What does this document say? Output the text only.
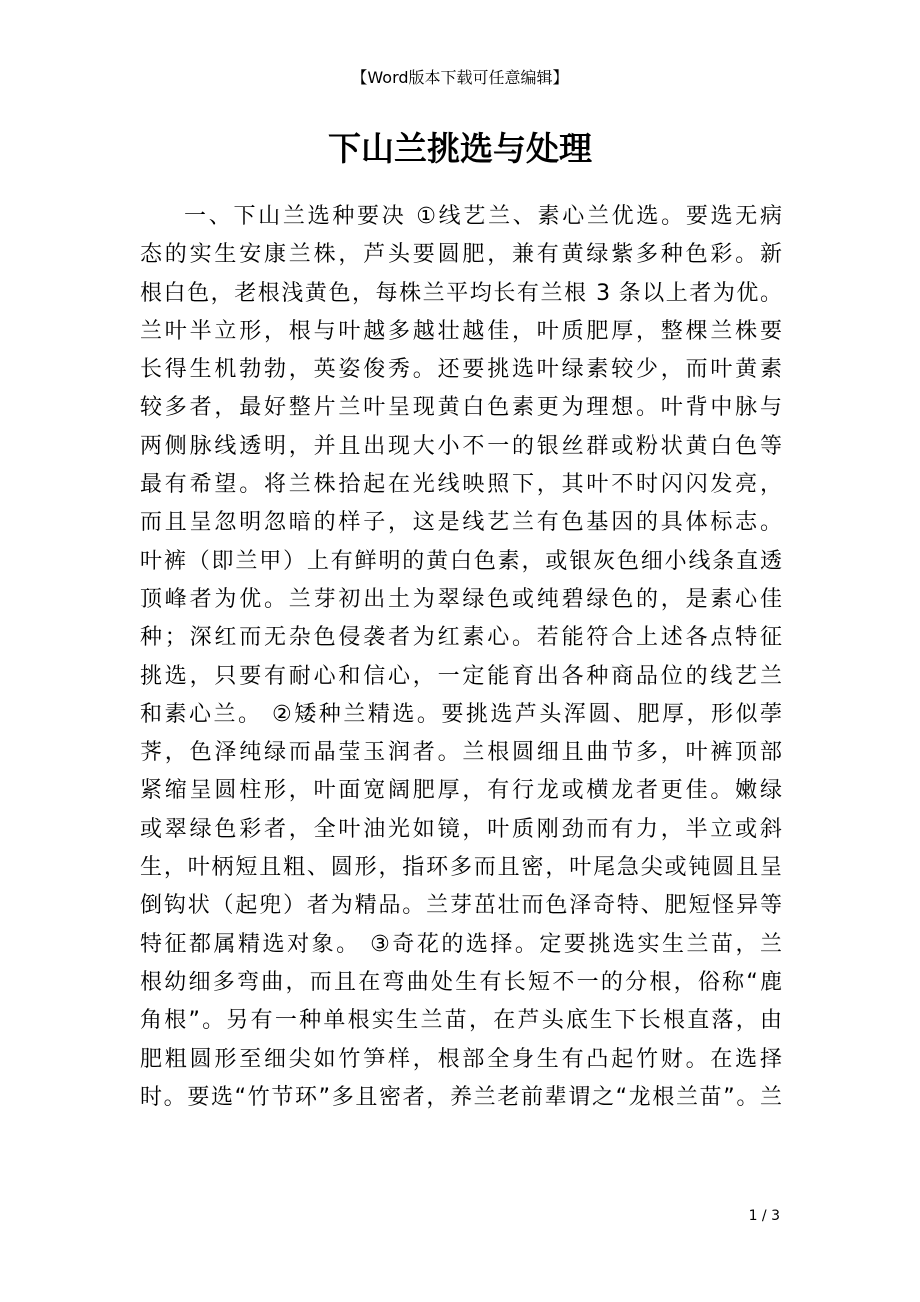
【Word版本下载可任意编辑】
下山兰挑选与处理
一、下山兰选种要决 ①线艺兰、素心兰优选。要选无病
态的实生安康兰株，芦头要圆肥，兼有黄绿紫多种色彩。新
根白色，老根浅黄色，每株兰平均长有兰根 3 条以上者为优。
兰叶半立形，根与叶越多越壮越佳，叶质肥厚，整棵兰株要
长得生机勃勃，英姿俊秀。还要挑选叶绿素较少，而叶黄素
较多者，最好整片兰叶呈现黄白色素更为理想。叶背中脉与
两侧脉线透明，并且出现大小不一的银丝群或粉状黄白色等
最有希望。将兰株拾起在光线映照下，其叶不时闪闪发亮，
而且呈忽明忽暗的样子，这是线艺兰有色基因的具体标志。
叶裤（即兰甲）上有鲜明的黄白色素，或银灰色细小线条直透
顶峰者为优。兰芽初出土为翠绿色或纯碧绿色的，是素心佳
种；深红而无杂色侵袭者为红素心。若能符合上述各点特征
挑选，只要有耐心和信心，一定能育出各种商品位的线艺兰
和素心兰。 ②矮种兰精选。要挑选芦头浑圆、肥厚，形似荸
荠，色泽纯绿而晶莹玉润者。兰根圆细且曲节多，叶裤顶部
紧缩呈圆柱形，叶面宽阔肥厚，有行龙或横龙者更佳。嫩绿
或翠绿色彩者，全叶油光如镜，叶质刚劲而有力，半立或斜
生，叶柄短且粗、圆形，指环多而且密，叶尾急尖或钝圆且呈
倒钩状（起兜）者为精品。兰芽茁壮而色泽奇特、肥短怪异等
特征都属精选对象。 ③奇花的选择。定要挑选实生兰苗，兰
根幼细多弯曲，而且在弯曲处生有长短不一的分根，俗称“鹿
角根”。另有一种单根实生兰苗，在芦头底生下长根直落，由
肥粗圆形至细尖如竹笋样，根部全身生有凸起竹财。在选择
时。要选“竹节环”多且密者，养兰老前辈谓之“龙根兰苗”。兰
1 / 3
